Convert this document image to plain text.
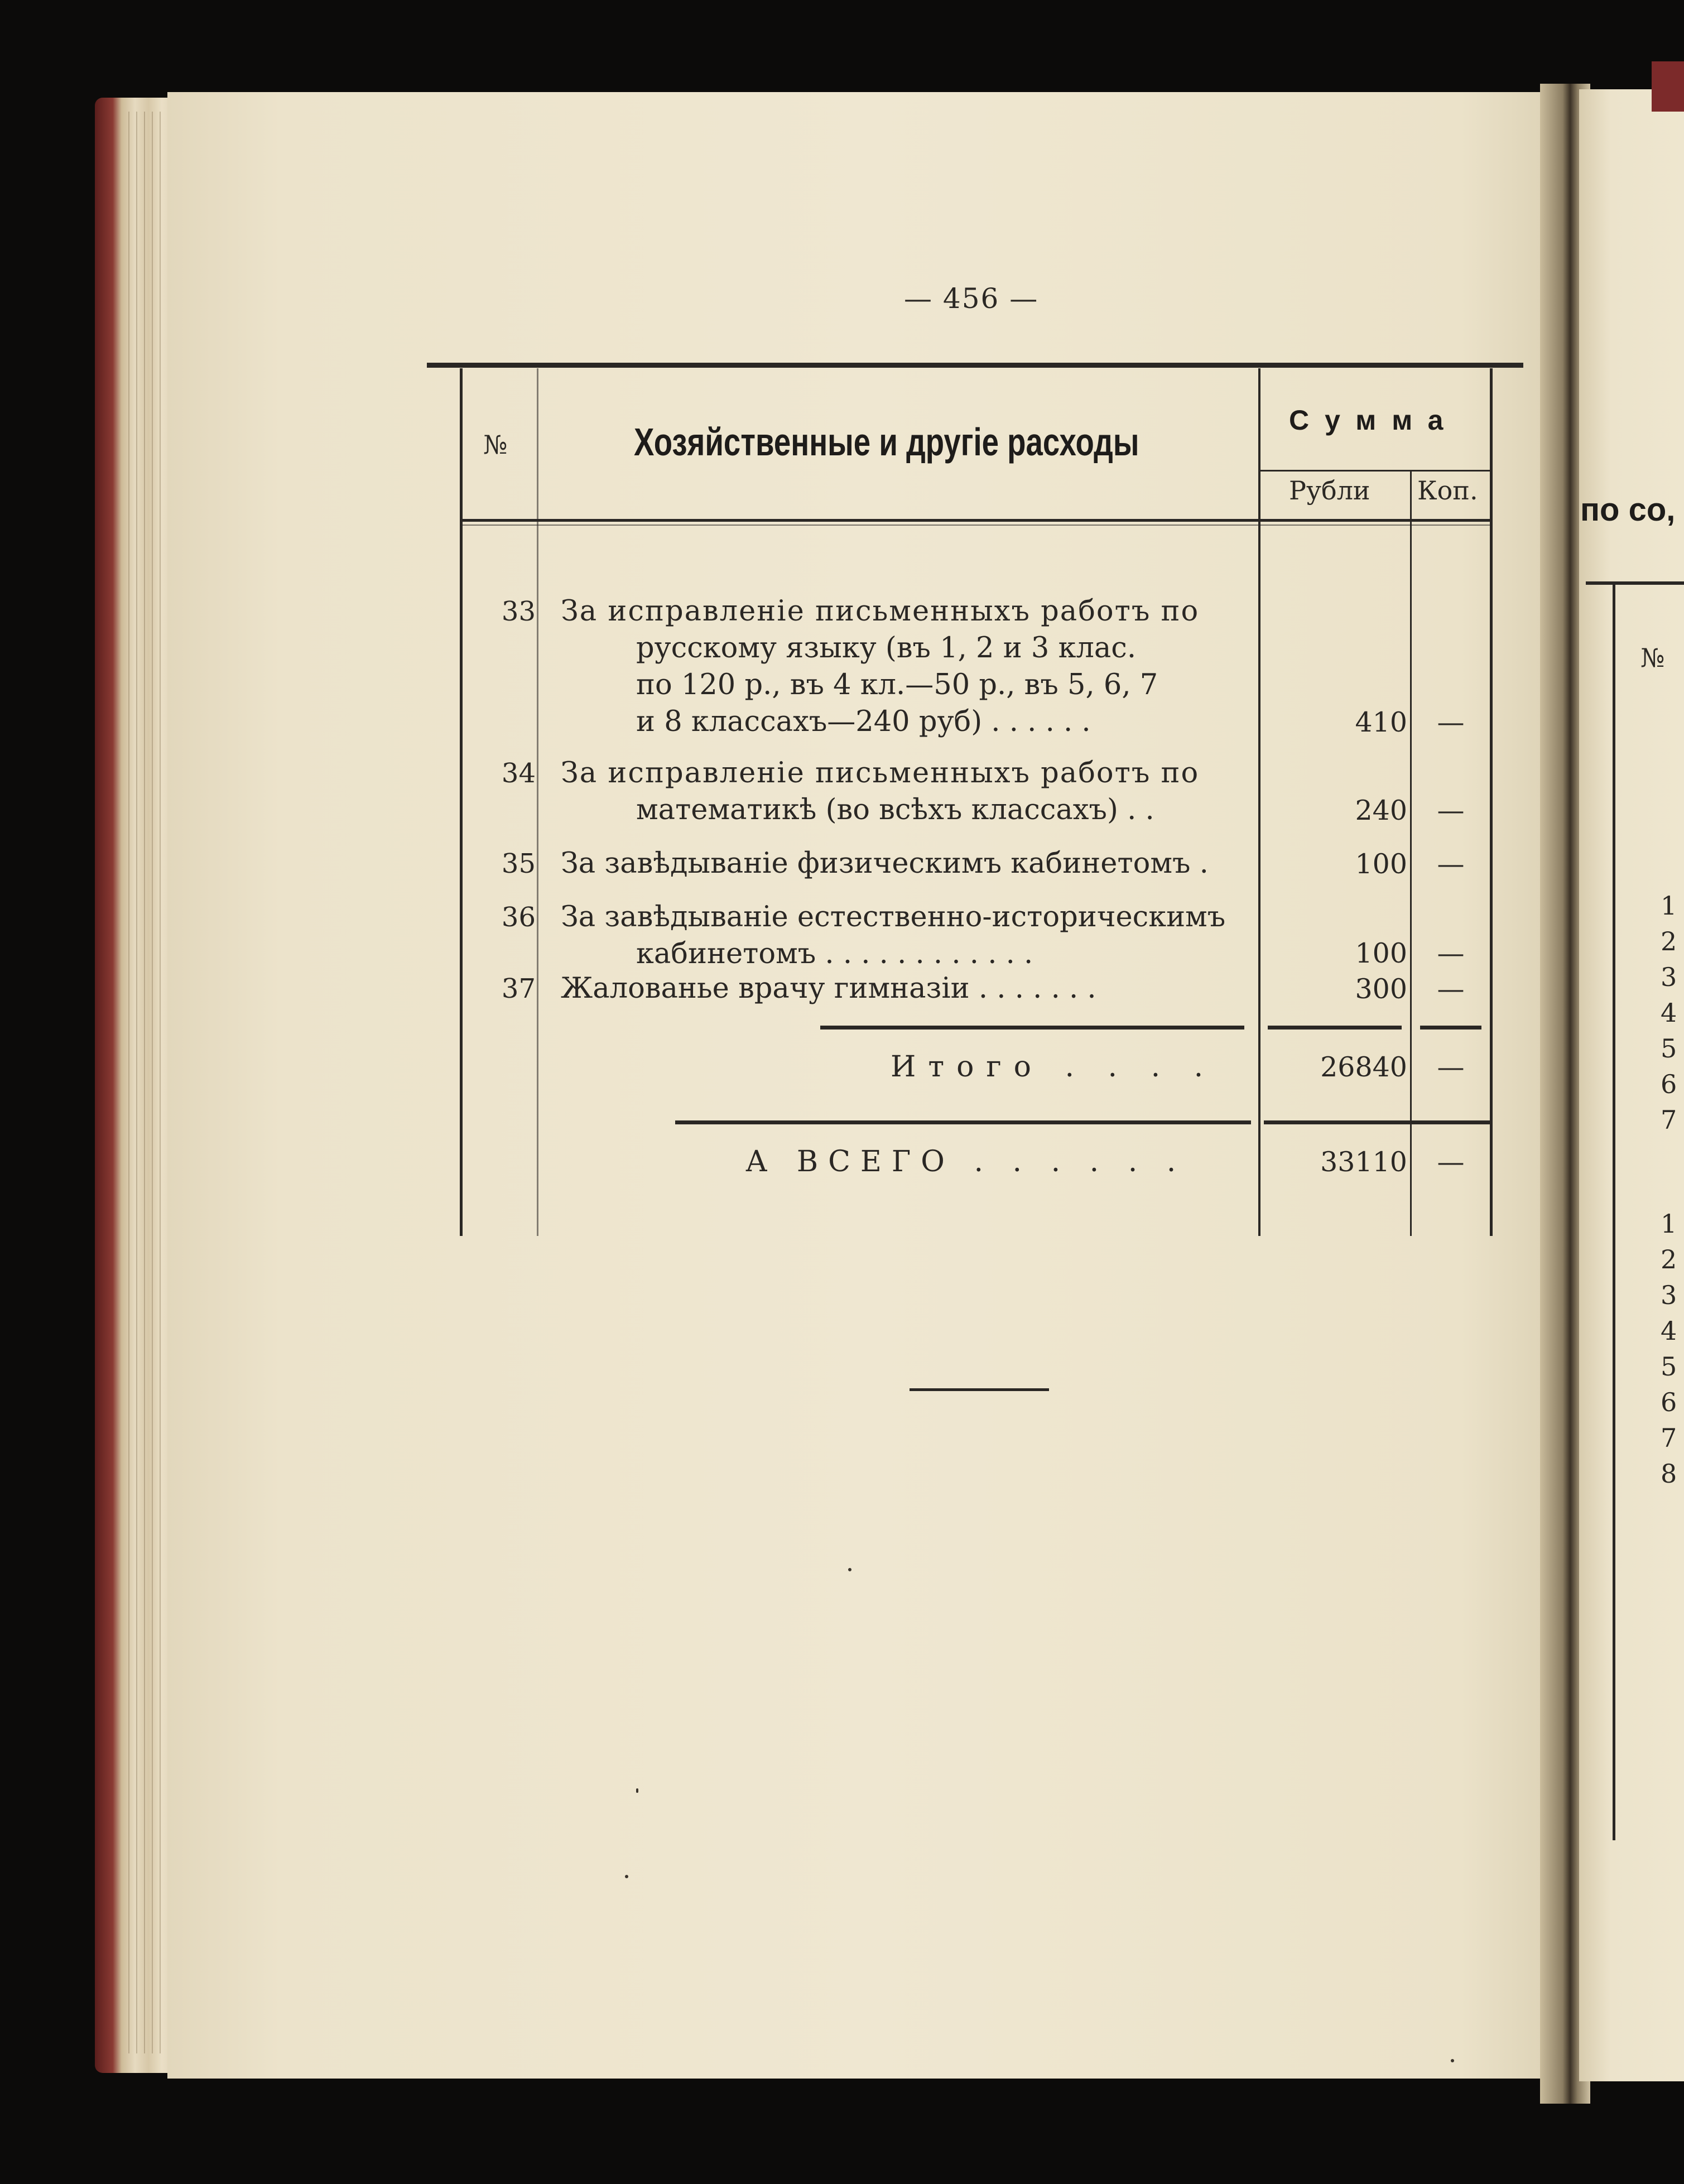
— 456 —
№	Хозяйственные и другіе расходы	Сумма
Рубли Коп.
33 За исправленіе письменныхъ работъ по
русскому языку (въ 1, 2 и 3 клас.
по 120 р., въ 4 кл.—50 р., въ 5, 6, 7
и 8 классахъ—240 руб) . . . . . .	410	—
34 За исправленіе письменныхъ работъ по
математикѣ (во всѣхъ классахъ) . .	240	—
35 За завѣдываніе физическимъ кабинетомъ .	100	—
36 За завѣдываніе естественно-историческимъ
кабинетомъ . . . . . . . . . . . .	100	—
37 Жалованье врачу гимназіи . . . . . . .	300	—
Итого . . . .	26840	—
А ВСЕГО . . . . . .	33110	—
по со,
№
1
2
3
4
5
6
7
1
2
3
4
5
6
7
8
